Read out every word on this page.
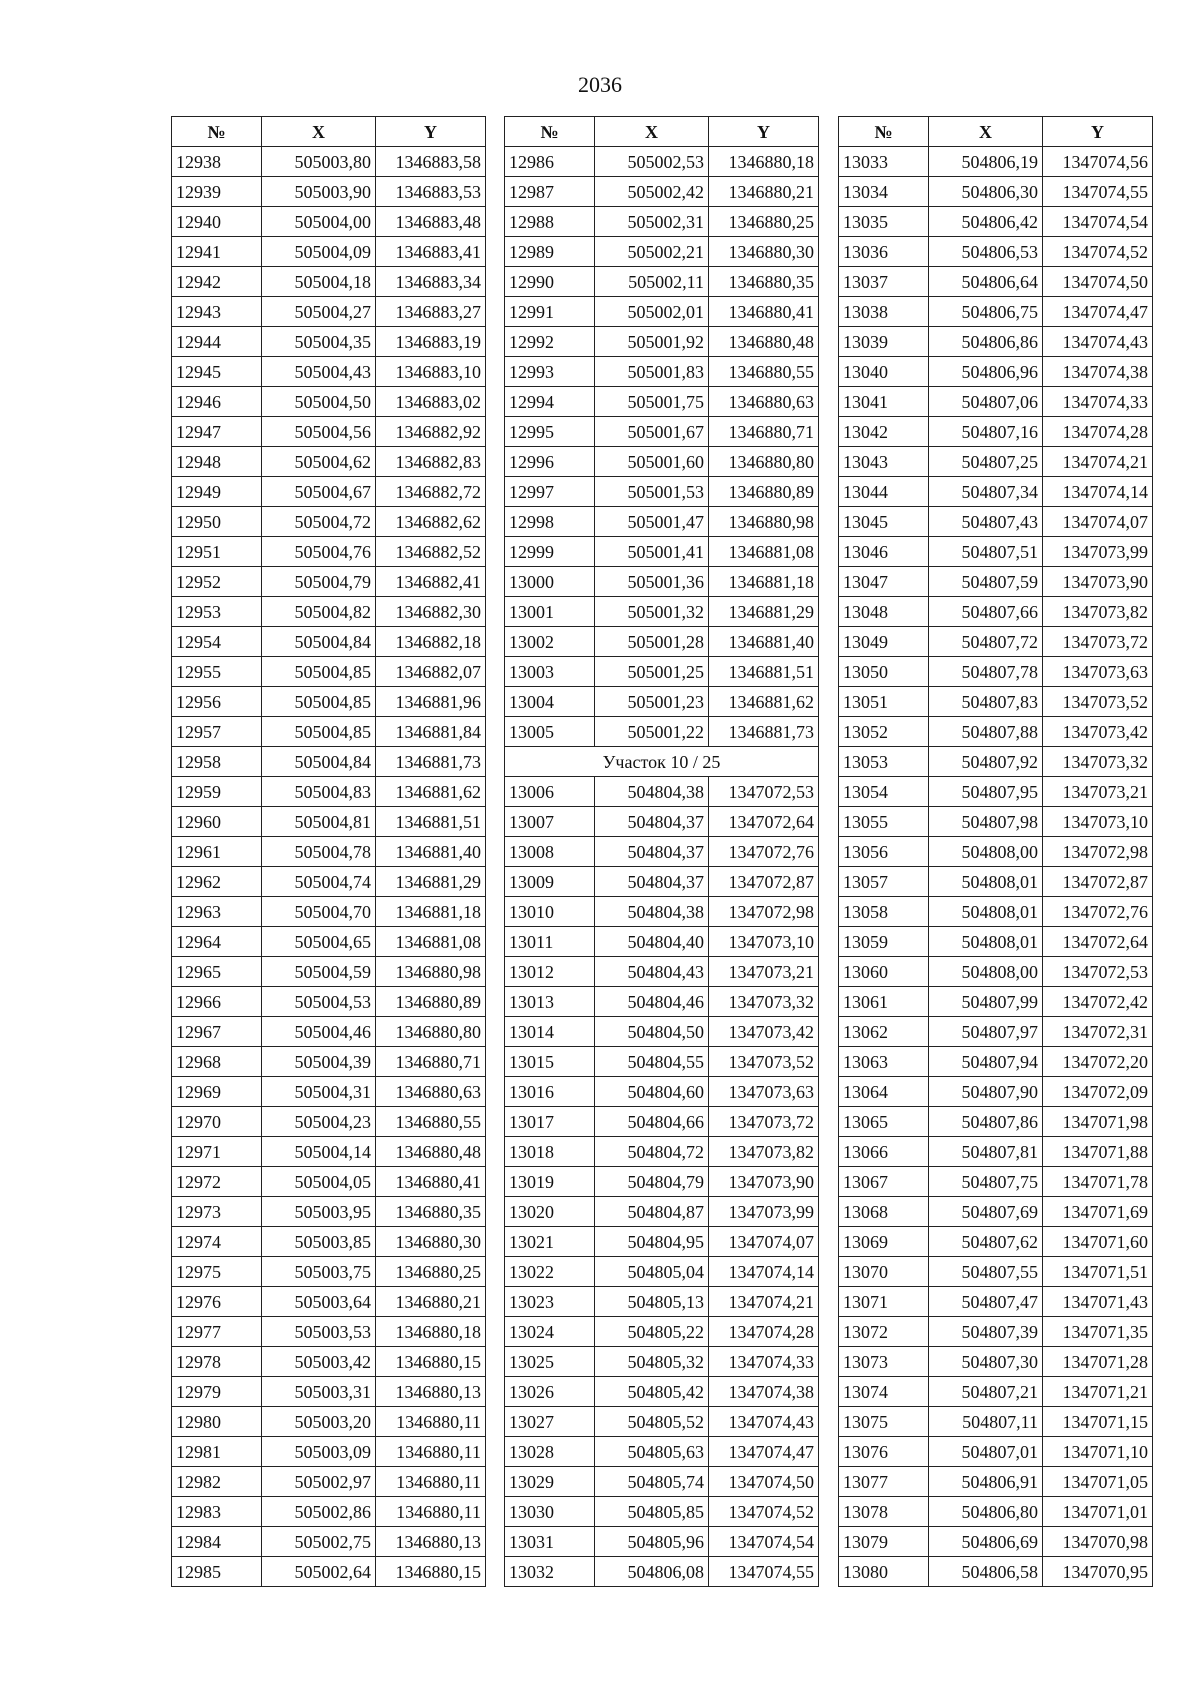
2036
№	X	Y
12938	505003,80	1346883,58
12939	505003,90	1346883,53
12940	505004,00	1346883,48
12941	505004,09	1346883,41
12942	505004,18	1346883,34
12943	505004,27	1346883,27
12944	505004,35	1346883,19
12945	505004,43	1346883,10
12946	505004,50	1346883,02
12947	505004,56	1346882,92
12948	505004,62	1346882,83
12949	505004,67	1346882,72
12950	505004,72	1346882,62
12951	505004,76	1346882,52
12952	505004,79	1346882,41
12953	505004,82	1346882,30
12954	505004,84	1346882,18
12955	505004,85	1346882,07
12956	505004,85	1346881,96
12957	505004,85	1346881,84
12958	505004,84	1346881,73
12959	505004,83	1346881,62
12960	505004,81	1346881,51
12961	505004,78	1346881,40
12962	505004,74	1346881,29
12963	505004,70	1346881,18
12964	505004,65	1346881,08
12965	505004,59	1346880,98
12966	505004,53	1346880,89
12967	505004,46	1346880,80
12968	505004,39	1346880,71
12969	505004,31	1346880,63
12970	505004,23	1346880,55
12971	505004,14	1346880,48
12972	505004,05	1346880,41
12973	505003,95	1346880,35
12974	505003,85	1346880,30
12975	505003,75	1346880,25
12976	505003,64	1346880,21
12977	505003,53	1346880,18
12978	505003,42	1346880,15
12979	505003,31	1346880,13
12980	505003,20	1346880,11
12981	505003,09	1346880,11
12982	505002,97	1346880,11
12983	505002,86	1346880,11
12984	505002,75	1346880,13
12985	505002,64	1346880,15
№	X	Y
12986	505002,53	1346880,18
12987	505002,42	1346880,21
12988	505002,31	1346880,25
12989	505002,21	1346880,30
12990	505002,11	1346880,35
12991	505002,01	1346880,41
12992	505001,92	1346880,48
12993	505001,83	1346880,55
12994	505001,75	1346880,63
12995	505001,67	1346880,71
12996	505001,60	1346880,80
12997	505001,53	1346880,89
12998	505001,47	1346880,98
12999	505001,41	1346881,08
13000	505001,36	1346881,18
13001	505001,32	1346881,29
13002	505001,28	1346881,40
13003	505001,25	1346881,51
13004	505001,23	1346881,62
13005	505001,22	1346881,73
Участок 10 / 25		
13006	504804,38	1347072,53
13007	504804,37	1347072,64
13008	504804,37	1347072,76
13009	504804,37	1347072,87
13010	504804,38	1347072,98
13011	504804,40	1347073,10
13012	504804,43	1347073,21
13013	504804,46	1347073,32
13014	504804,50	1347073,42
13015	504804,55	1347073,52
13016	504804,60	1347073,63
13017	504804,66	1347073,72
13018	504804,72	1347073,82
13019	504804,79	1347073,90
13020	504804,87	1347073,99
13021	504804,95	1347074,07
13022	504805,04	1347074,14
13023	504805,13	1347074,21
13024	504805,22	1347074,28
13025	504805,32	1347074,33
13026	504805,42	1347074,38
13027	504805,52	1347074,43
13028	504805,63	1347074,47
13029	504805,74	1347074,50
13030	504805,85	1347074,52
13031	504805,96	1347074,54
13032	504806,08	1347074,55
№	X	Y
13033	504806,19	1347074,56
13034	504806,30	1347074,55
13035	504806,42	1347074,54
13036	504806,53	1347074,52
13037	504806,64	1347074,50
13038	504806,75	1347074,47
13039	504806,86	1347074,43
13040	504806,96	1347074,38
13041	504807,06	1347074,33
13042	504807,16	1347074,28
13043	504807,25	1347074,21
13044	504807,34	1347074,14
13045	504807,43	1347074,07
13046	504807,51	1347073,99
13047	504807,59	1347073,90
13048	504807,66	1347073,82
13049	504807,72	1347073,72
13050	504807,78	1347073,63
13051	504807,83	1347073,52
13052	504807,88	1347073,42
13053	504807,92	1347073,32
13054	504807,95	1347073,21
13055	504807,98	1347073,10
13056	504808,00	1347072,98
13057	504808,01	1347072,87
13058	504808,01	1347072,76
13059	504808,01	1347072,64
13060	504808,00	1347072,53
13061	504807,99	1347072,42
13062	504807,97	1347072,31
13063	504807,94	1347072,20
13064	504807,90	1347072,09
13065	504807,86	1347071,98
13066	504807,81	1347071,88
13067	504807,75	1347071,78
13068	504807,69	1347071,69
13069	504807,62	1347071,60
13070	504807,55	1347071,51
13071	504807,47	1347071,43
13072	504807,39	1347071,35
13073	504807,30	1347071,28
13074	504807,21	1347071,21
13075	504807,11	1347071,15
13076	504807,01	1347071,10
13077	504806,91	1347071,05
13078	504806,80	1347071,01
13079	504806,69	1347070,98
13080	504806,58	1347070,95
